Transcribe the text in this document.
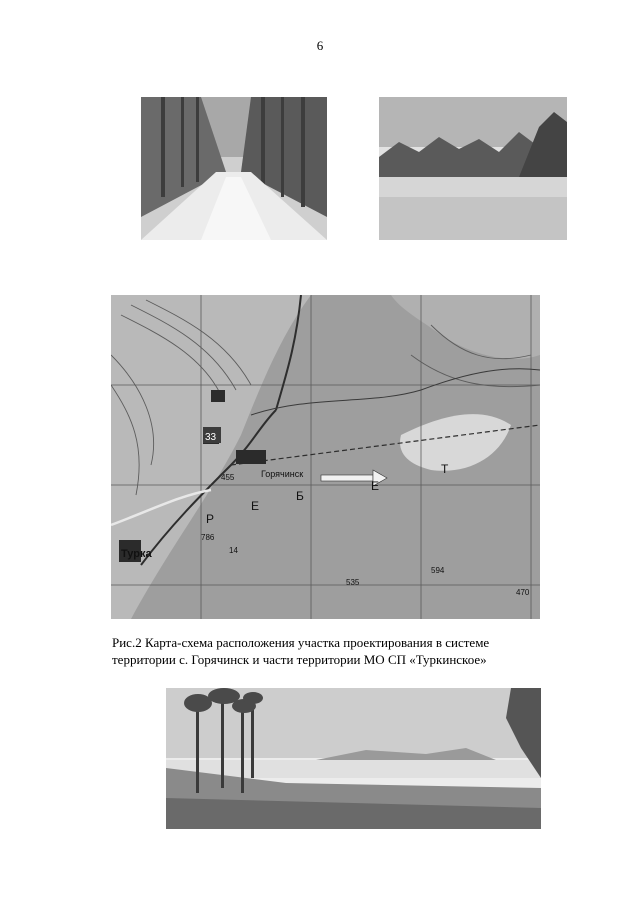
6
33
Горячинск
Турка
Р
Е
Б
Е
Т
786
535
455
594
470
14
Рис.2 Карта-схема расположения участка проектирования в системе
территории с. Горячинск и части территории МО СП «Туркинское»
